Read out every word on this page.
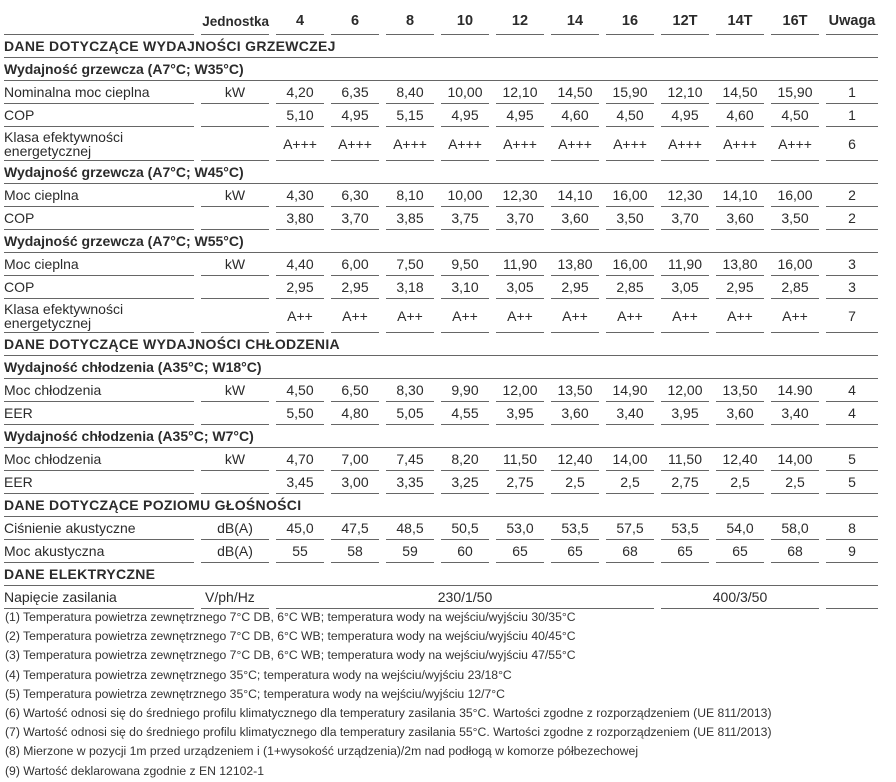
	Jednostka	4	6	8	10	12	14	16	12T	14T	16T	Uwaga
DANE DOTYCZĄCE WYDAJNOŚCI GRZEWCZEJ												
Wydajność grzewcza (A7°C; W35°C)												
Nominalna moc cieplna	kW	4,20	6,35	8,40	10,00	12,10	14,50	15,90	12,10	14,50	15,90	1
COP		5,10	4,95	5,15	4,95	4,95	4,60	4,50	4,95	4,60	4,50	1
Klasa efektywności energetycznej		A+++	A+++	A+++	A+++	A+++	A+++	A+++	A+++	A+++	A+++	6
Wydajność grzewcza (A7°C; W45°C)												
Moc cieplna	kW	4,30	6,30	8,10	10,00	12,30	14,10	16,00	12,30	14,10	16,00	2
COP		3,80	3,70	3,85	3,75	3,70	3,60	3,50	3,70	3,60	3,50	2
Wydajność grzewcza (A7°C; W55°C)												
Moc cieplna	kW	4,40	6,00	7,50	9,50	11,90	13,80	16,00	11,90	13,80	16,00	3
COP		2,95	2,95	3,18	3,10	3,05	2,95	2,85	3,05	2,95	2,85	3
Klasa efektywności energetycznej		A++	A++	A++	A++	A++	A++	A++	A++	A++	A++	7
DANE DOTYCZĄCE WYDAJNOŚCI CHŁODZENIA												
Wydajność chłodzenia (A35°C; W18°C)												
Moc chłodzenia	kW	4,50	6,50	8,30	9,90	12,00	13,50	14,90	12,00	13,50	14.90	4
EER		5,50	4,80	5,05	4,55	3,95	3,60	3,40	3,95	3,60	3,40	4
Wydajność chłodzenia (A35°C; W7°C)												
Moc chłodzenia	kW	4,70	7,00	7,45	8,20	11,50	12,40	14,00	11,50	12,40	14,00	5
EER		3,45	3,00	3,35	3,25	2,75	2,5	2,5	2,75	2,5	2,5	5
DANE DOTYCZĄCE POZIOMU GŁOŚNOŚCI												
Ciśnienie akustyczne	dB(A)	45,0	47,5	48,5	50,5	53,0	53,5	57,5	53,5	54,0	58,0	8
Moc akustyczna	dB(A)	55	58	59	60	65	65	68	65	65	68	9
DANE ELEKTRYCZNE												
Napięcie zasilania	V/ph/Hz	230/1/50							400/3/50			
(1) Temperatura powietrza zewnętrznego 7°C DB, 6°C WB; temperatura wody na wejściu/wyjściu 30/35°C
(2) Temperatura powietrza zewnętrznego 7°C DB, 6°C WB; temperatura wody na wejściu/wyjściu 40/45°C
(3) Temperatura powietrza zewnętrznego 7°C DB, 6°C WB; temperatura wody na wejściu/wyjściu 47/55°C
(4) Temperatura powietrza zewnętrznego 35°C; temperatura wody na wejściu/wyjściu 23/18°C
(5) Temperatura powietrza zewnętrznego 35°C; temperatura wody na wejściu/wyjściu 12/7°C
(6) Wartość odnosi się do średniego profilu klimatycznego dla temperatury zasilania 35°C. Wartości zgodne z rozporządzeniem (UE 811/2013)
(7) Wartość odnosi się do średniego profilu klimatycznego dla temperatury zasilania 55°C. Wartości zgodne z rozporządzeniem (UE 811/2013)
(8) Mierzone w pozycji 1m przed urządzeniem i (1+wysokość urządzenia)/2m nad podłogą w komorze półbezechowej
(9) Wartość deklarowana zgodnie z EN 12102-1
